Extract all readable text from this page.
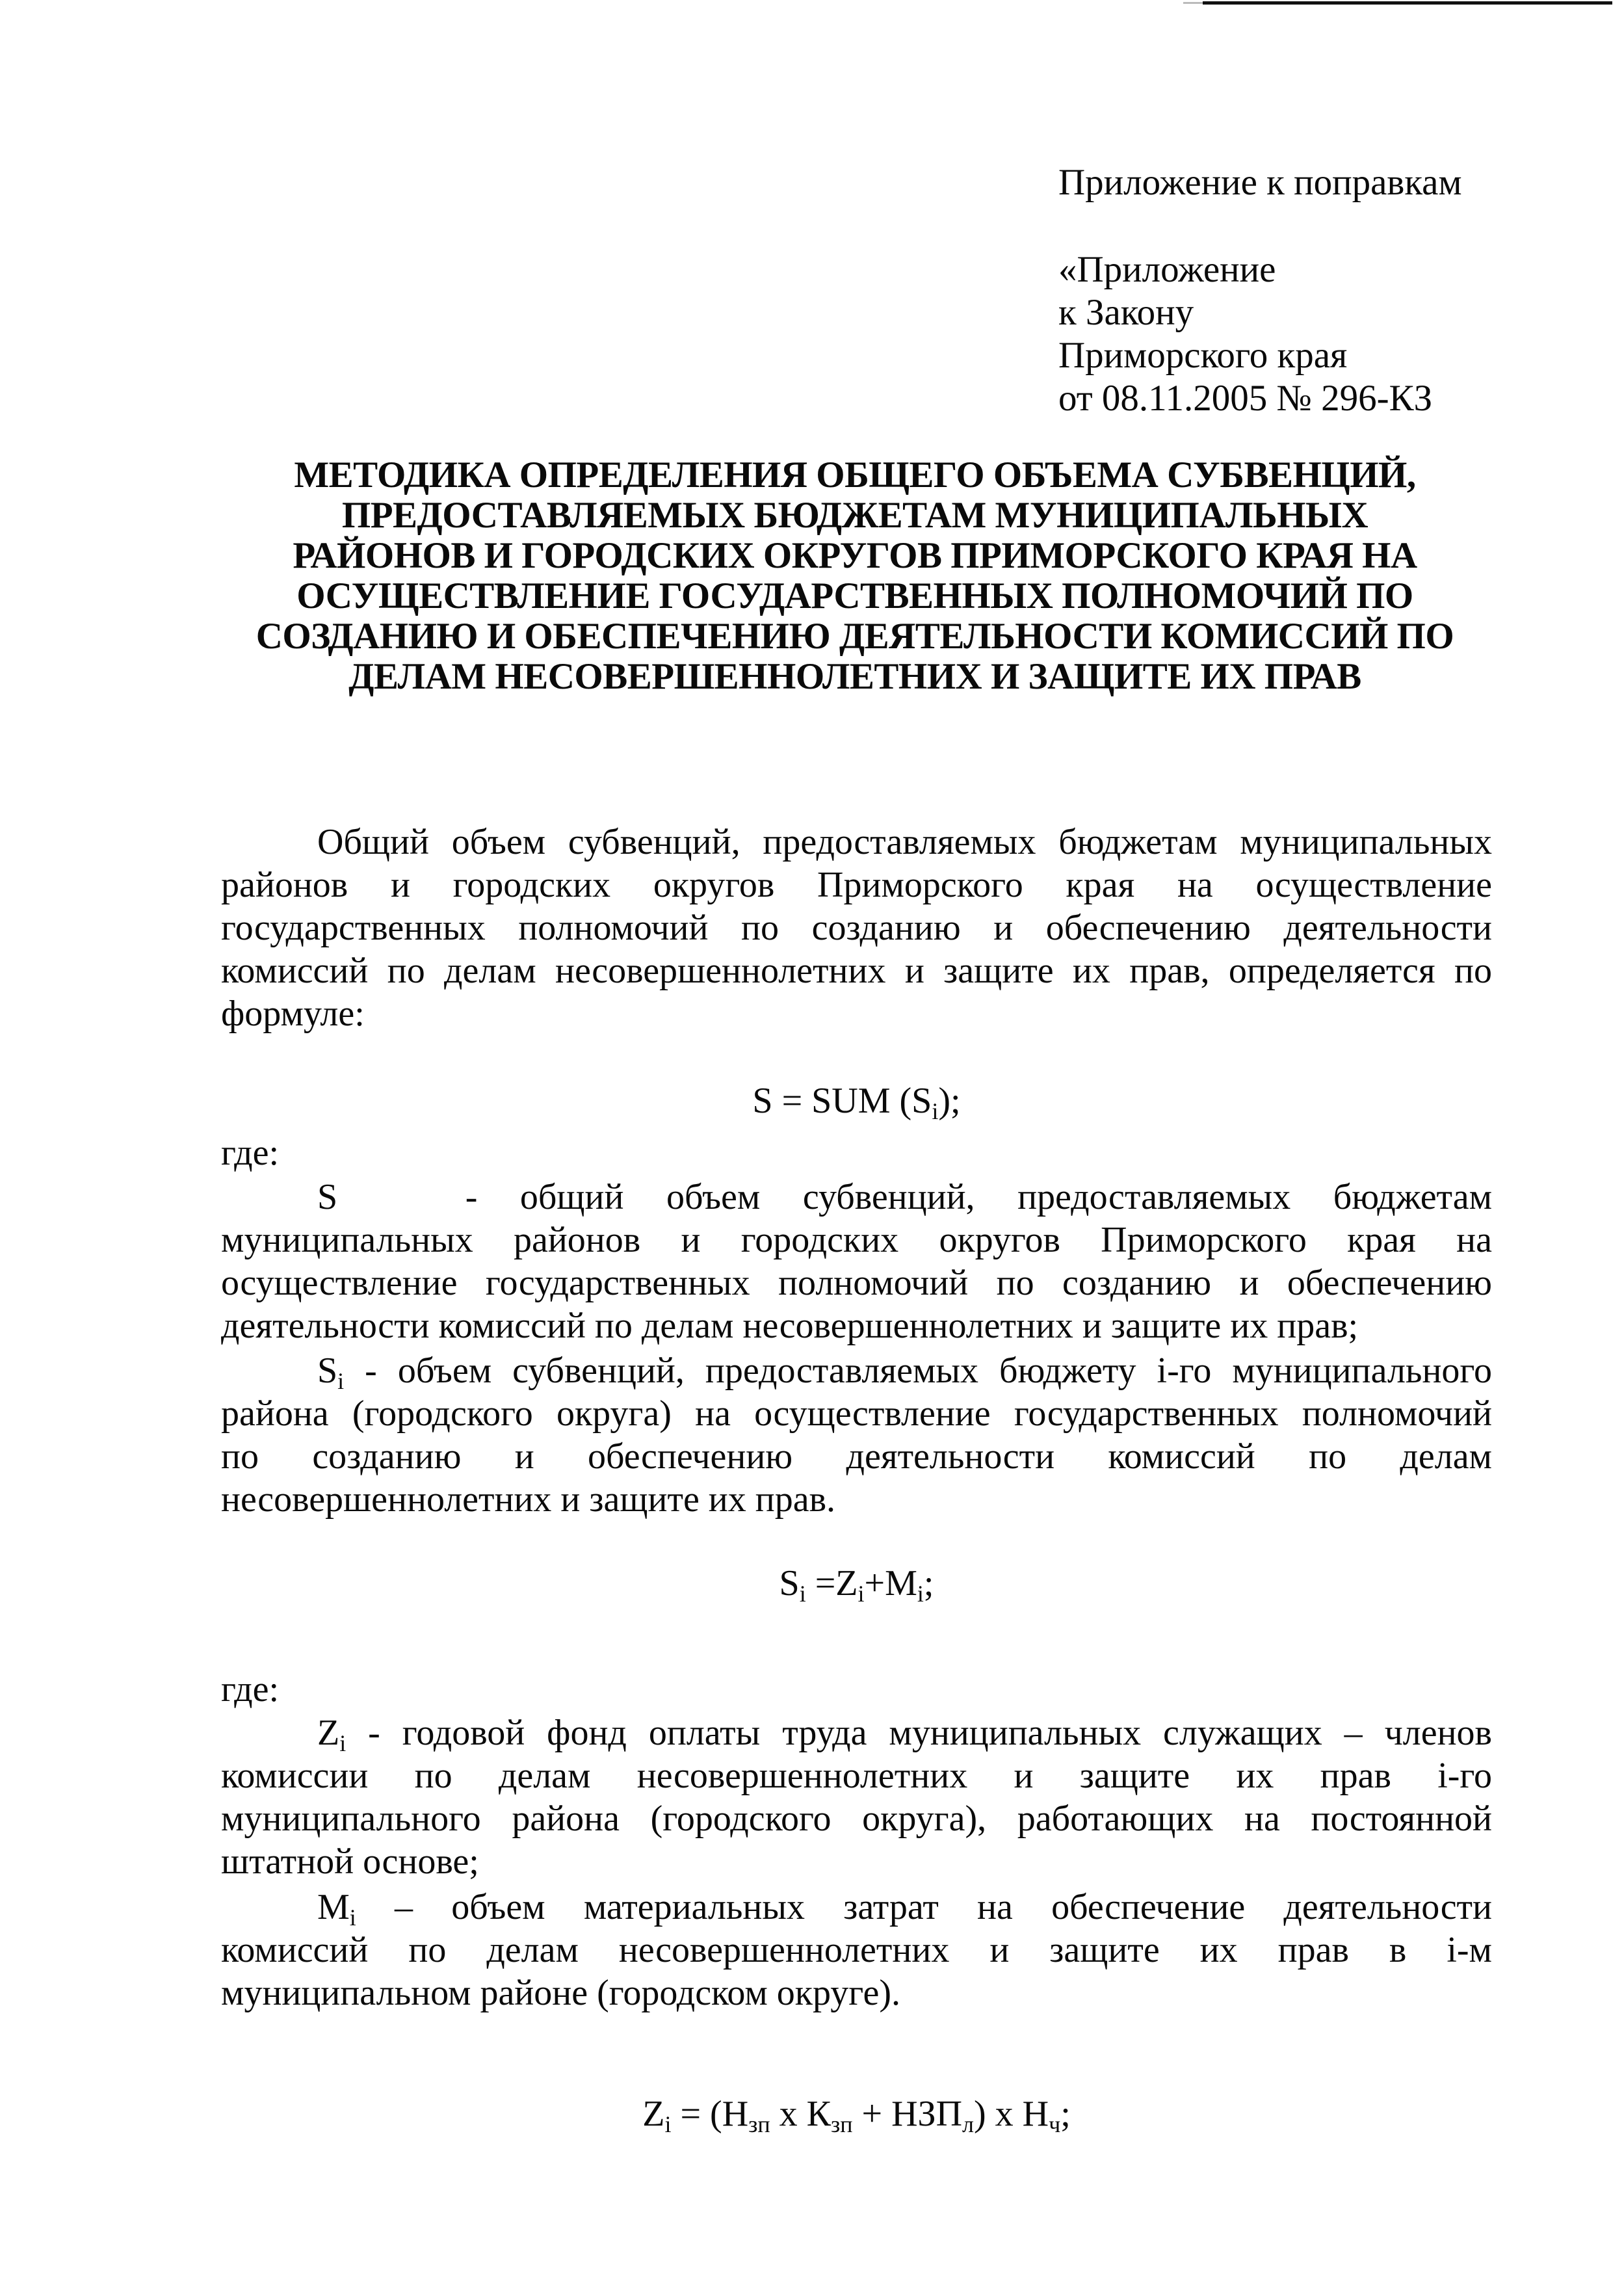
Приложение к поправкам
«Приложение
к Закону
Приморского края
от 08.11.2005 № 296-КЗ
МЕТОДИКА ОПРЕДЕЛЕНИЯ ОБЩЕГО ОБЪЕМА СУБВЕНЦИЙ,
ПРЕДОСТАВЛЯЕМЫХ БЮДЖЕТАМ МУНИЦИПАЛЬНЫХ
РАЙОНОВ И ГОРОДСКИХ ОКРУГОВ ПРИМОРСКОГО КРАЯ НА
ОСУЩЕСТВЛЕНИЕ ГОСУДАРСТВЕННЫХ ПОЛНОМОЧИЙ ПО
СОЗДАНИЮ И ОБЕСПЕЧЕНИЮ ДЕЯТЕЛЬНОСТИ КОМИССИЙ ПО
ДЕЛАМ НЕСОВЕРШЕННОЛЕТНИХ И ЗАЩИТЕ ИХ ПРАВ
Общий объем субвенций, предоставляемых бюджетам муниципальных
районов и городских округов Приморского края на осуществление
государственных полномочий по созданию и обеспечению деятельности
комиссий по делам несовершеннолетних и защите их прав, определяется по
формуле:
S = SUM $(S_i)$;
где:
S	- общий объем субвенций, предоставляемых бюджетам
муниципальных районов и городских округов Приморского края на
осуществление государственных полномочий по созданию и обеспечению
деятельности комиссий по делам несовершеннолетних и защите их прав;
$S_i$ - объем субвенций, предоставляемых бюджету i-го муниципального
района (городского округа) на осуществление государственных полномочий
по созданию и обеспечению деятельности комиссий по делам
несовершеннолетних и защите их прав.
$S_i =Z_i+M_i$;
где:
$Z_i$ - годовой фонд оплаты труда муниципальных служащих – членов
комиссии по делам несовершеннолетних и защите их прав i-го
муниципального района (городского округа), работающих на постоянной
штатной основе;
$M_i$ – объем материальных затрат на обеспечение деятельности
комиссий по делам несовершеннолетних и защите их прав в i-м
муниципальном районе (городском округе).
$Z_i = (Н_{зп}$ х $К_{зп} + НЗП_л$) х $Н_ч$;
